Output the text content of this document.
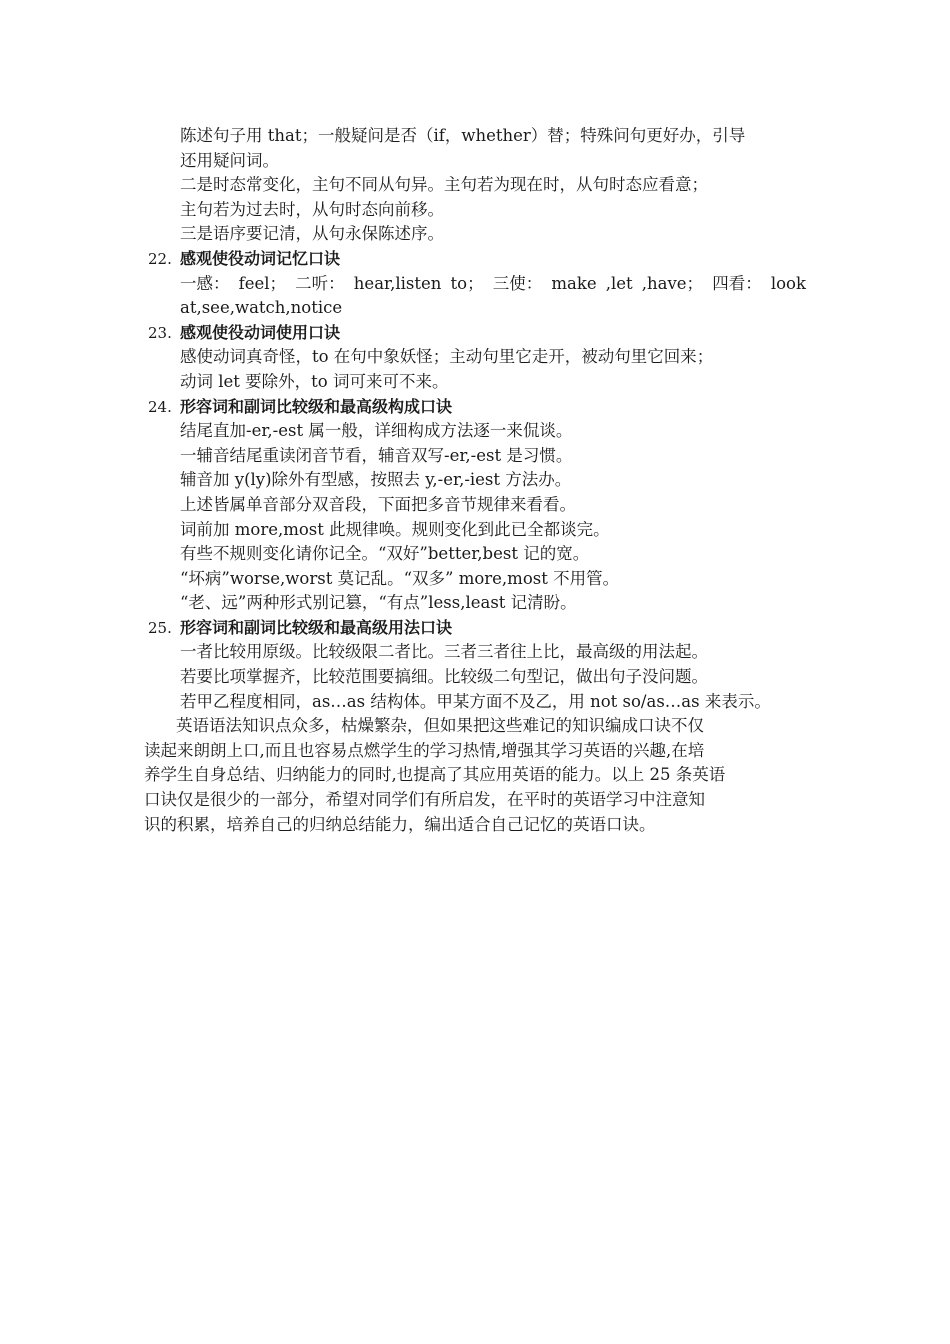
陈述句子用 that；一般疑问是否（if，whether）替；特殊问句更好办，引导
还用疑问词。
二是时态常变化，主句不同从句异。主句若为现在时，从句时态应看意；
主句若为过去时，从句时态向前移。
三是语序要记清，从句永保陈述序。
22. 感观使役动词记忆口诀
一感： feel； 二听： hear,listen to； 三使： make ,let ,have； 四看： look
at,see,watch,notice
23. 感观使役动词使用口诀
感使动词真奇怪，to 在句中象妖怪；主动句里它走开，被动句里它回来；
动词 let 要除外，to 词可来可不来。
24. 形容词和副词比较级和最高级构成口诀
结尾直加-er,-est 属一般，详细构成方法逐一来侃谈。
一辅音结尾重读闭音节看，辅音双写-er,-est 是习惯。
辅音加 y(ly)除外有型感，按照去 y,-er,-iest 方法办。
上述皆属单音部分双音段，下面把多音节规律来看看。
词前加 more,most 此规律唤。规则变化到此已全都谈完。
有些不规则变化请你记全。“双好”better,best 记的宽。
“坏病”worse,worst 莫记乱。“双多” more,most 不用管。
“老、远”两种形式别记篡，“有点”less,least 记清盼。
25. 形容词和副词比较级和最高级用法口诀
一者比较用原级。比较级限二者比。三者三者往上比，最高级的用法起。
若要比项掌握齐，比较范围要搞细。比较级二句型记，做出句子没问题。
若甲乙程度相同，as…as 结构体。甲某方面不及乙，用 not so/as…as 来表示。
英语语法知识点众多，枯燥繁杂，但如果把这些难记的知识编成口诀不仅
读起来朗朗上口,而且也容易点燃学生的学习热情,增强其学习英语的兴趣,在培
养学生自身总结、归纳能力的同时,也提高了其应用英语的能力。以上 25 条英语
口诀仅是很少的一部分，希望对同学们有所启发，在平时的英语学习中注意知
识的积累，培养自己的归纳总结能力，编出适合自己记忆的英语口诀。
